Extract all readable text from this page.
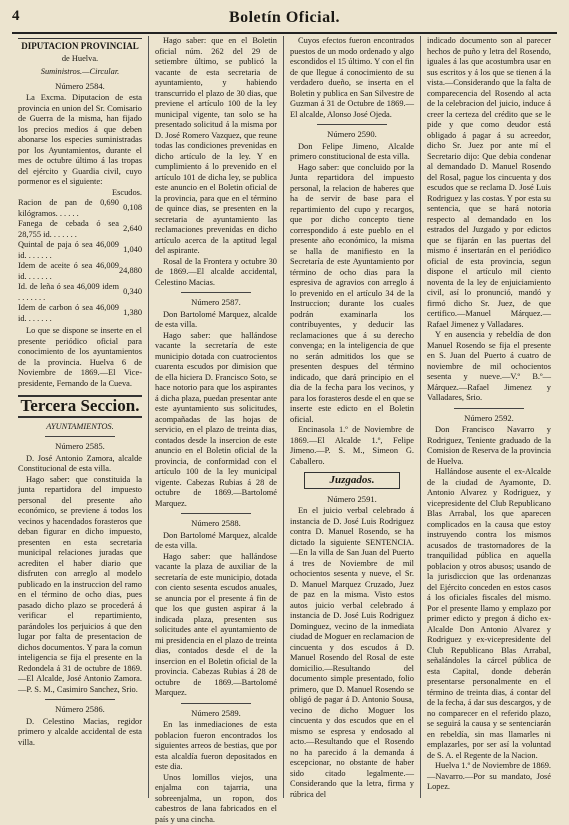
4	Boletín Oficial.
DIPUTACION PROVINCIAL

de Huelva.

Suministros.—Circular.

Número 2584.

La Excma. Diputacion de esta provincia en union del Sr. Comisario de Guerra de la misma, han fijado los precios medios á que deben abonarse los especies suministradas por los Ayuntamientos, durante el mes de octubre último á las tropas del ejército y Guardia civil, cuyo pormenor es el siguiente:

Escudos.
Racion de pan de 0,690 kilógramos. . . . . .	0,108
Fanega de cebada ó sea 28,755 id. . . . . . .	2,640
Quintal de paja ó sea 46,009 id. . . . . . .	1,040
Idem de aceite ó sea 46,009 id. . . . . . .	24,880
Id. de leña ó sea 46,009 idem . . . . . . .	0,340
Idem de carbon ó sea 46,009 id. . . . . . .	1,380

Lo que se dispone se inserte en el presente periódico oficial para conocimiento de los ayuntamientos de la provincia. Huelva 6 de Noviembre de 1869.—El Vice-presidente, Fernando de la Cueva.

Tercera Seccion.

AYUNTAMIENTOS.

Número 2585.

D. José Antonio Zamora, alcalde Constitucional de esta villa.

Hago saber: que constituida la junta repartidora del impuesto personal del presente año económico, se previene á todos los vecinos y hacendados forasteros que deban figurar en dicho impuesto, presenten en esta secretaria municipal relaciones juradas que acrediten el haber diario que disfruten con arreglo al modelo publicado en la instruccion del ramo en el término de ocho dias, pues pasado dicho plazo se procederá á verificar el repartimiento, parándoles los perjuicios á que den lugar por falta de presentacion de dichos documentos. Y para la comun inteligencia se fija el presente en la Redondela á 31 de octubre de 1869.—El Alcalde, José Antonio Zamora.—P. S. M., Casimiro Sanchez, Srio.

Número 2586.

D. Celestino Macias, regidor primero y alcalde accidental de esta villa.

Hago saber: que en el Boletin oficial núm. 262 del 29 de setiembre último, se publicó la vacante de esta secretaria de ayuntamiento, y habiendo transcurrido el plazo de 30 dias, que previene el artículo 100 de la ley municipal vigente, tan solo se ha presentado solicitud á la misma por D. José Romero Vazquez, que reune todas las condiciones prevenidas en dicho artículo de la ley. Y en cumplimiento á lo prevenido en el artículo 101 de dicha ley, se publica este anuncio en el Boletin oficial de la provincia, para que en el término de quince dias, se presenten en la secretaria de ayuntamiento las reclamaciones prevenidas en dicho artículo acerca de la aptitud legal del aspirante.

Rosal de la Frontera y octubre 30 de 1869.—El alcalde accidental, Celestino Macias.

Número 2587.

Don Bartolomé Marquez, alcalde de esta villa.

Hago saber: que hallándose vacante la secretaría de este municipio dotada con cuatrocientos cuarenta escudos por dimision que de ella hiciera D. Francisco Soto, se hace notorio para que los aspirantes á dicha plaza, puedan presentar ante este ayuntamiento sus solicitudes, acompañadas de las hojas de servicio, en el plazo de treinta dias, contados desde la insercion de este anuncio en el Boletin oficial de la provincia, de conformidad con el artículo 100 de la ley municipal vigente. Cabezas Rubias á 28 de octubre de 1869.—Bartolomé Marquez.

Número 2588.

Don Bartolomé Marquez, alcalde de esta villa.

Hago saber: que hallándose vacante la plaza de auxiliar de la secretaría de este municipio, dotada con ciento sesenta escudos anuales, se anuncia por el presente á fin de que los que gusten aspirar á la indicada plaza, presenten sus solicitudes ante el ayuntamiento de mi presidencia en el plazo de treinta dias, contados desde el de la insercion en el Boletin oficial de la provincia. Cabezas Rubias á 28 de octubre de 1869.—Bartolomé Marquez.

Número 2589.

En las inmediaciones de esta poblacion fueron encontrados los siguientes arreos de bestias, que por esta alcaldía fueron depositados en este dia.

Unos lomillos viejos, una enjalma con tajarria, una sobreenjalma, un ropon, dos cabestros de lana fabricados en el país y una cincha.

Cuyos efectos fueron encontrados puestos de un modo ordenado y algo escondidos el 15 último. Y con el fin de que llegue á conocimiento de su verdadero dueño, se inserta en el Boletin y publica en San Silvestre de Guzman á 31 de Octubre de 1869.—El alcalde, Alonso José Ojeda.

Número 2590.

Don Felipe Jimeno, Alcalde primero constitucional de esta villa.

Hago saber: que concluido por la Junta repartidora del impuesto personal, la relacion de haberes que ha de servir de base para el repartimiento del cupo y recargos, que por dicho concepto tiene correspondido á este pueblo en el presente año económico, la misma se halla de manifiesto en la Secretaría de este Ayuntamiento por término de ocho dias para la espresiva de agravios con arreglo á lo prevenido en el artículo 34 de la Instruccion; durante los cuales podrán examinarla los contribuyentes, y deducir las reclamaciones que á su derecho convenga; en la inteligencia de que no serán admitidos los que se presenten despues del término indicado, que dará principio en el dia de la fecha para los vecinos, y para los forasteros desde el en que se inserte este edicto en el Boletin oficial.

Encinasola 1.º de Noviembre de 1869.—El Alcalde 1.º, Felipe Jimeno.—P. S. M., Simeon G. Caballero.

Juzgados.
Número 2591.

En el juicio verbal celebrado á instancia de D. José Luis Rodriguez contra D. Manuel Rosendo, se ha dictado la siguiente SENTENCIA.—En la villa de San Juan del Puerto á tres de Noviembre de mil ochocientos sesenta y nueve, el Sr. D. Manuel Marquez Cruzado, Juez de paz en la misma. Visto estos autos juicio verbal celebrado á instancia de D. José Luis Rodriguez Dominguez, vecino de la inmediata ciudad de Moguer en reclamacion de cincuenta y dos escudos á D. Manuel Rosendo del Rosal de este domicilio.—Resultando del documento simple presentado, folio primero, que D. Manuel Rosendo se obligó de pagar á D. Antonio Sousa, vecino de dicho Moguer los cincuenta y dos escudos que en el mismo se espresa y endosado al acto.—Resultando que el Rosendo no ha parecido á la demanda á escepcionar, no obstante de haber sido citado legalmente.—Considerando que la letra, firma y rúbrica del

indicado documento son al parecer hechos de puño y letra del Rosendo, iguales á las que acostumbra usar en sus escritos y á los que se tienen á la vista.—Considerando que la falta de comparecencia del Rosendo al acta de la celebracion del juicio, induce á creer la certeza del crédito que se le pide y que como deudor está obligado á pagar á su acreedor, dicho Sr. Juez por ante mí el Secretario dijo: Que debia condenar al demandado D. Manuel Rosendo del Rosal, pague los cincuenta y dos escudos que se reclama D. José Luis Rodriguez y las costas. Y por esta su sentencia, que se hará notoria respecto al demandado en los estrados del Juzgado y por edictos que se fijarán en las puertas del mismo é insertarán en el periódico oficial de esta provincia, segun dispone el artículo mil ciento noventa de la ley de enjuiciamiento civil, así lo pronunció, mandó y firmó dicho Sr. Juez, de que certifico.—Manuel Márquez.—Rafael Jimenez y Valladares.

Y en ausencia y rebeldía de don Manuel Rosendo se fija el presente en S. Juan del Puerto á cuatro de noviembre de mil ochocientos sesenta y nueve.—V.º B.º—Márquez.—Rafael Jimenez y Valladares, Srio.

Número 2592.

Don Francisco Navarro y Rodriguez, Teniente graduado de la Comision de Reserva de la provincia de Huelva.

Hallándose ausente el ex-Alcalde de la ciudad de Ayamonte, D. Antonio Alvarez y Rodriguez, y vicepresidente del Club Republicano Blas Arrabal, los que aparecen complicados en la causa que estoy instruyendo contra los mismos acusados de trastornadores de la tranquilidad pública en aquella poblacion y otros abusos; usando de la jurisdiccion que las ordenanzas del Ejército conceden en estos casos á los oficiales fiscales del mismo. Por el presente llamo y emplazo por primer edicto y pregon á dicho ex-Alcalde Don Antonio Alvarez y Rodriguez y ex-vicepresidente del Club Republicano Blas Arrabal, señalándoles la cárcel pública de esta Capital, donde deberán presentarse personalmente en el término de treinta dias, á contar del de la fecha, á dar sus descargos, y de no comparecer en el referido plazo, se seguirá la causa y se sentenciarán en rebeldía, sin mas llamarles ni emplazarles, por ser así la voluntad de S. A. el Regente de la Nacion.

Huelva 1.º de Noviembre de 1869.—Navarro.—Por su mandato, José Lopez.
